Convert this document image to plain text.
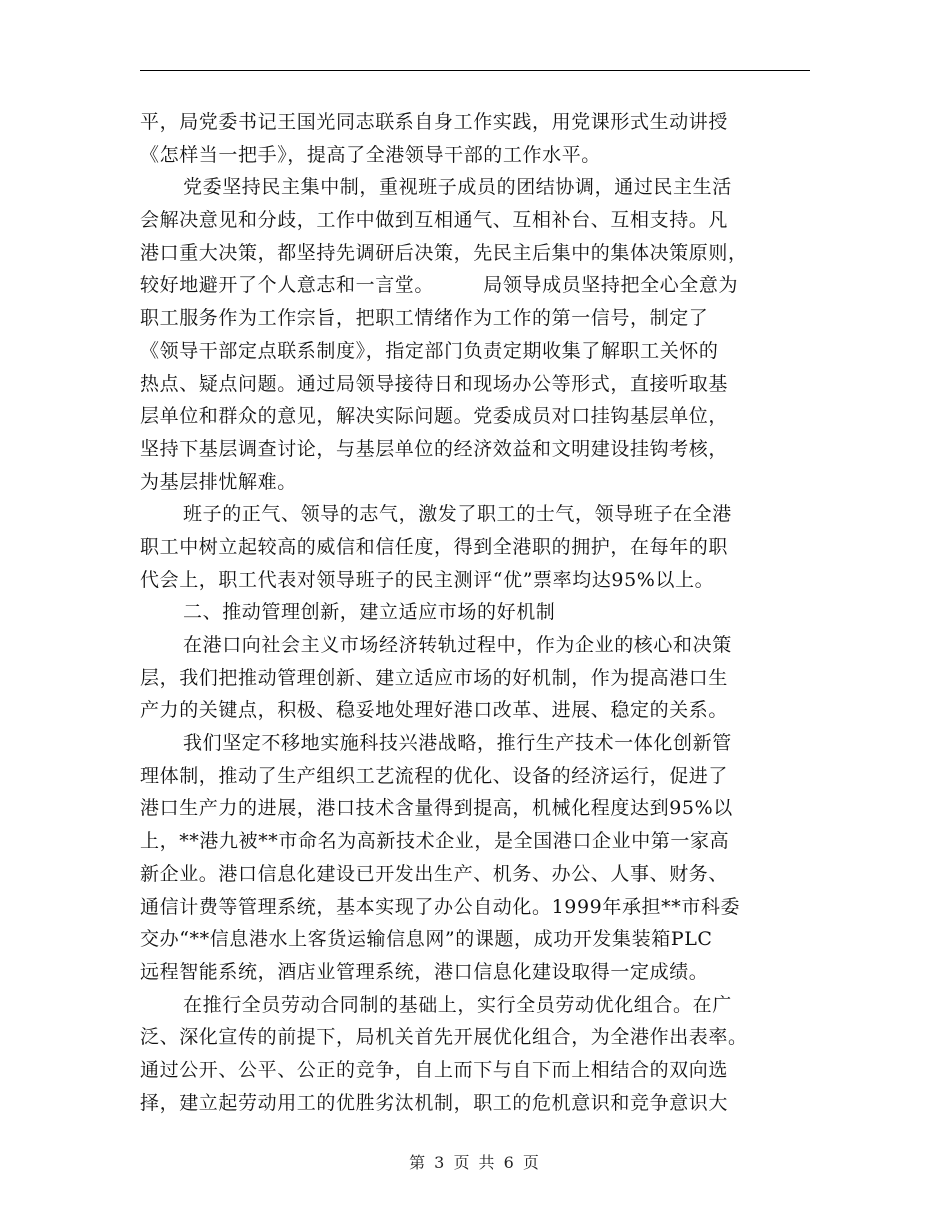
平，局党委书记王国光同志联系自身工作实践，用党课形式生动讲授
《怎样当一把手》，提高了全港领导干部的工作水平。
党委坚持民主集中制，重视班子成员的团结协调，通过民主生活
会解决意见和分歧，工作中做到互相通气、互相补台、互相支持。凡
港口重大决策，都坚持先调研后决策，先民主后集中的集体决策原则，
较好地避开了个人意志和一言堂。　　　局领导成员坚持把全心全意为
职工服务作为工作宗旨，把职工情绪作为工作的第一信号，制定了
《领导干部定点联系制度》，指定部门负责定期收集了解职工关怀的
热点、疑点问题。通过局领导接待日和现场办公等形式，直接听取基
层单位和群众的意见，解决实际问题。党委成员对口挂钩基层单位，
坚持下基层调查讨论，与基层单位的经济效益和文明建设挂钩考核，
为基层排忧解难。
班子的正气、领导的志气，激发了职工的士气，领导班子在全港
职工中树立起较高的威信和信任度，得到全港职的拥护，在每年的职
代会上，职工代表对领导班子的民主测评“优”票率均达95%以上。
二、推动管理创新，建立适应市场的好机制
在港口向社会主义市场经济转轨过程中，作为企业的核心和决策
层，我们把推动管理创新、建立适应市场的好机制，作为提高港口生
产力的关键点，积极、稳妥地处理好港口改革、进展、稳定的关系。
我们坚定不移地实施科技兴港战略，推行生产技术一体化创新管
理体制，推动了生产组织工艺流程的优化、设备的经济运行，促进了
港口生产力的进展，港口技术含量得到提高，机械化程度达到95%以
上，**港九被**市命名为高新技术企业，是全国港口企业中第一家高
新企业。港口信息化建设已开发出生产、机务、办公、人事、财务、
通信计费等管理系统，基本实现了办公自动化。1999年承担**市科委
交办“**信息港水上客货运输信息网”的课题，成功开发集装箱PLC
远程智能系统，酒店业管理系统，港口信息化建设取得一定成绩。
在推行全员劳动合同制的基础上，实行全员劳动优化组合。在广
泛、深化宣传的前提下，局机关首先开展优化组合，为全港作出表率。
通过公开、公平、公正的竞争，自上而下与自下而上相结合的双向选
择，建立起劳动用工的优胜劣汰机制，职工的危机意识和竞争意识大
第 3 页 共 6 页
